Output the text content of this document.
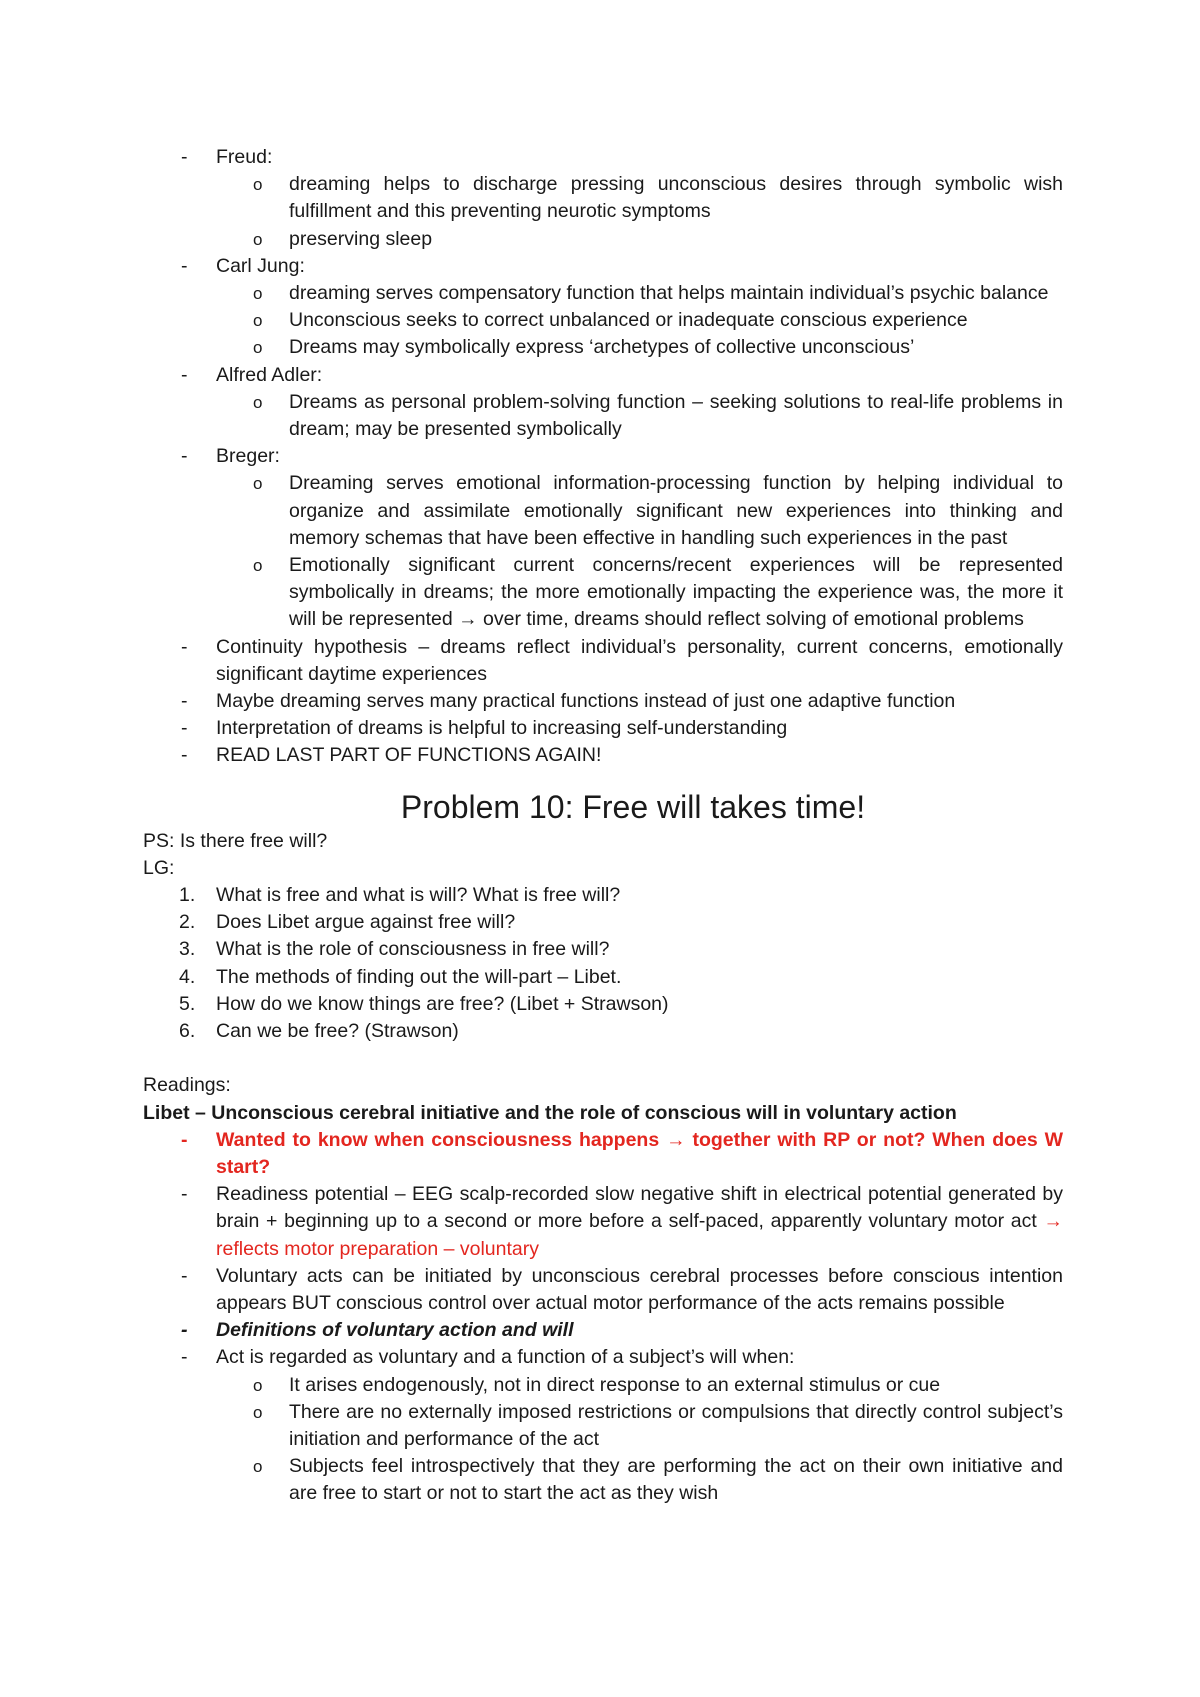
- Freud:
o dreaming helps to discharge pressing unconscious desires through symbolic wish fulfillment and this preventing neurotic symptoms
o preserving sleep
- Carl Jung:
o dreaming serves compensatory function that helps maintain individual’s psychic balance
o Unconscious seeks to correct unbalanced or inadequate conscious experience
o Dreams may symbolically express ‘archetypes of collective unconscious’
- Alfred Adler:
o Dreams as personal problem-solving function – seeking solutions to real-life problems in dream; may be presented symbolically
- Breger:
o Dreaming serves emotional information-processing function by helping individual to organize and assimilate emotionally significant new experiences into thinking and memory schemas that have been effective in handling such experiences in the past
o Emotionally significant current concerns/recent experiences will be represented symbolically in dreams; the more emotionally impacting the experience was, the more it will be represented → over time, dreams should reflect solving of emotional problems
- Continuity hypothesis – dreams reflect individual’s personality, current concerns, emotionally significant daytime experiences
- Maybe dreaming serves many practical functions instead of just one adaptive function
- Interpretation of dreams is helpful to increasing self-understanding
- READ LAST PART OF FUNCTIONS AGAIN!
Problem 10: Free will takes time!
PS: Is there free will?
LG:
1. What is free and what is will? What is free will?
2. Does Libet argue against free will?
3. What is the role of consciousness in free will?
4. The methods of finding out the will-part – Libet.
5. How do we know things are free? (Libet + Strawson)
6. Can we be free? (Strawson)
Readings:
Libet – Unconscious cerebral initiative and the role of conscious will in voluntary action
- Wanted to know when consciousness happens → together with RP or not? When does W start?
- Readiness potential – EEG scalp-recorded slow negative shift in electrical potential generated by brain + beginning up to a second or more before a self-paced, apparently voluntary motor act → reflects motor preparation – voluntary
- Voluntary acts can be initiated by unconscious cerebral processes before conscious intention appears BUT conscious control over actual motor performance of the acts remains possible
- Definitions of voluntary action and will
- Act is regarded as voluntary and a function of a subject’s will when:
o It arises endogenously, not in direct response to an external stimulus or cue
o There are no externally imposed restrictions or compulsions that directly control subject’s initiation and performance of the act
o Subjects feel introspectively that they are performing the act on their own initiative and are free to start or not to start the act as they wish
